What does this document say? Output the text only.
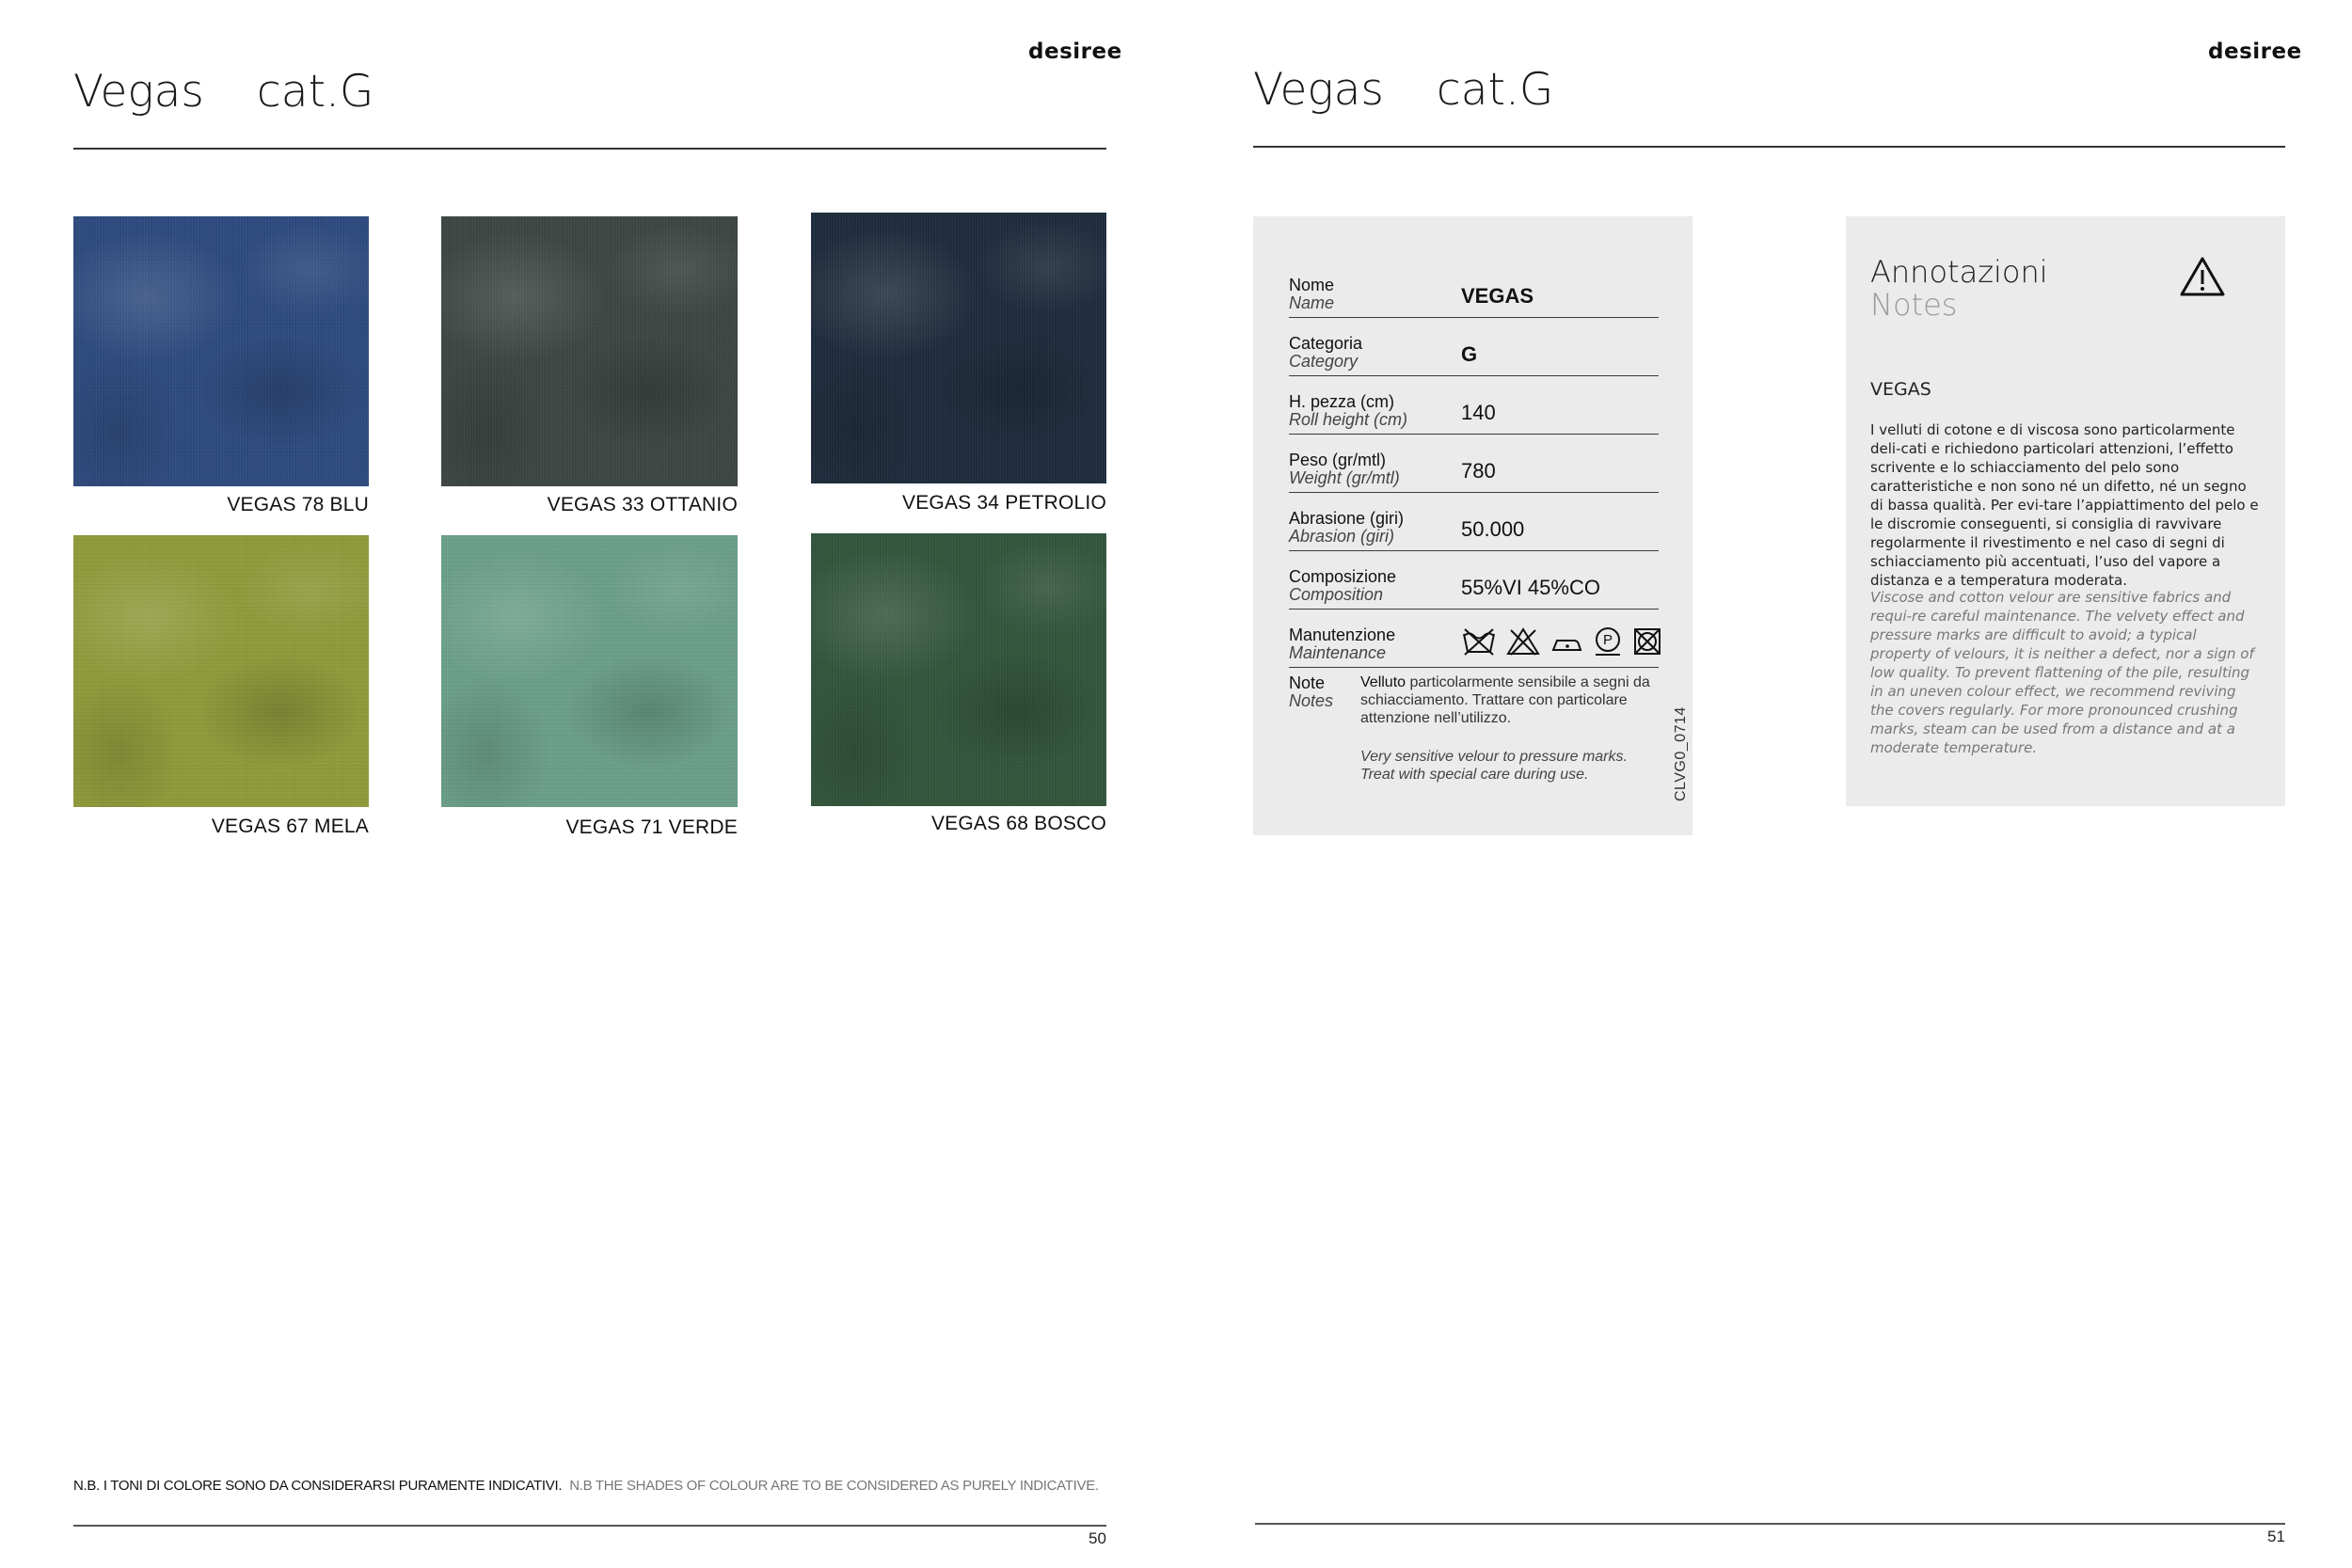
desiree
Vegas cat.G
VEGAS 78 BLU	VEGAS 33 OTTANIO	VEGAS 34 PETROLIO
VEGAS 67 MELA	VEGAS 71 VERDE	VEGAS 68 BOSCO
N.B. I TONI DI COLORE SONO DA CONSIDERARSI PURAMENTE INDICATIVI. N.B THE SHADES OF COLOUR ARE TO BE CONSIDERED AS PURELY INDICATIVE.
50
desiree
Vegas cat.G
Nome
Name	VEGAS
Categoria
Category	G
H. pezza (cm)
Roll height (cm)	140
Peso (gr/mtl)
Weight (gr/mtl)	780
Abrasione (giri)
Abrasion (giri)	50.000
Composizione
Composition	55%VI 45%CO
Manutenzione
Maintenance
P
Note
Notes
Velluto particolarmente sensibile a segni da schiacciamento. Trattare con particolare attenzione nell’utilizzo.
Very sensitive velour to pressure marks. Treat with special care during use.	CLVG0_0714
Annotazioni
Notes
VEGAS
I velluti di cotone e di viscosa sono particolarmente deli-cati e richiedono particolari attenzioni, l’effetto scrivente e lo schiacciamento del pelo sono caratteristiche e non sono né un difetto, né un segno di bassa qualità. Per evi-tare l’appiattimento del pelo e le discromie conseguenti, si consiglia di ravvivare regolarmente il rivestimento e nel caso di segni di schiacciamento più accentuati, l’uso del vapore a distanza e a temperatura moderata.
Viscose and cotton velour are sensitive fabrics and requi-re careful maintenance. The velvety effect and pressure marks are difficult to avoid; a typical property of velours, it is neither a defect, nor a sign of low quality. To prevent flattening of the pile, resulting in an uneven colour effect, we recommend reviving the covers regularly. For more pronounced crushing marks, steam can be used from a distance and at a moderate temperature.
51
